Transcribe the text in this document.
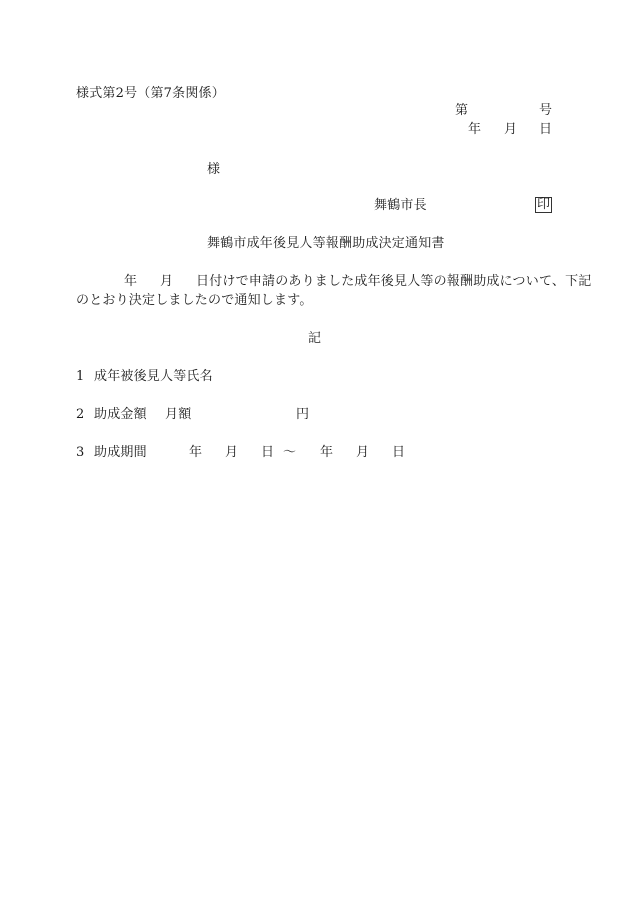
様式第2号（第7条関係）
第	号
年 月 日
様
舞鶴市長	印
舞鶴市成年後見人等報酬助成決定通知書
年 月 日付けで申請のありました成年後見人等の報酬助成について、下記
のとおり決定しましたので通知します。
記
1 成年被後見人等氏名
2 助成金額 月額	円
3 助成期間	年 月 日 ～ 年 月 日
